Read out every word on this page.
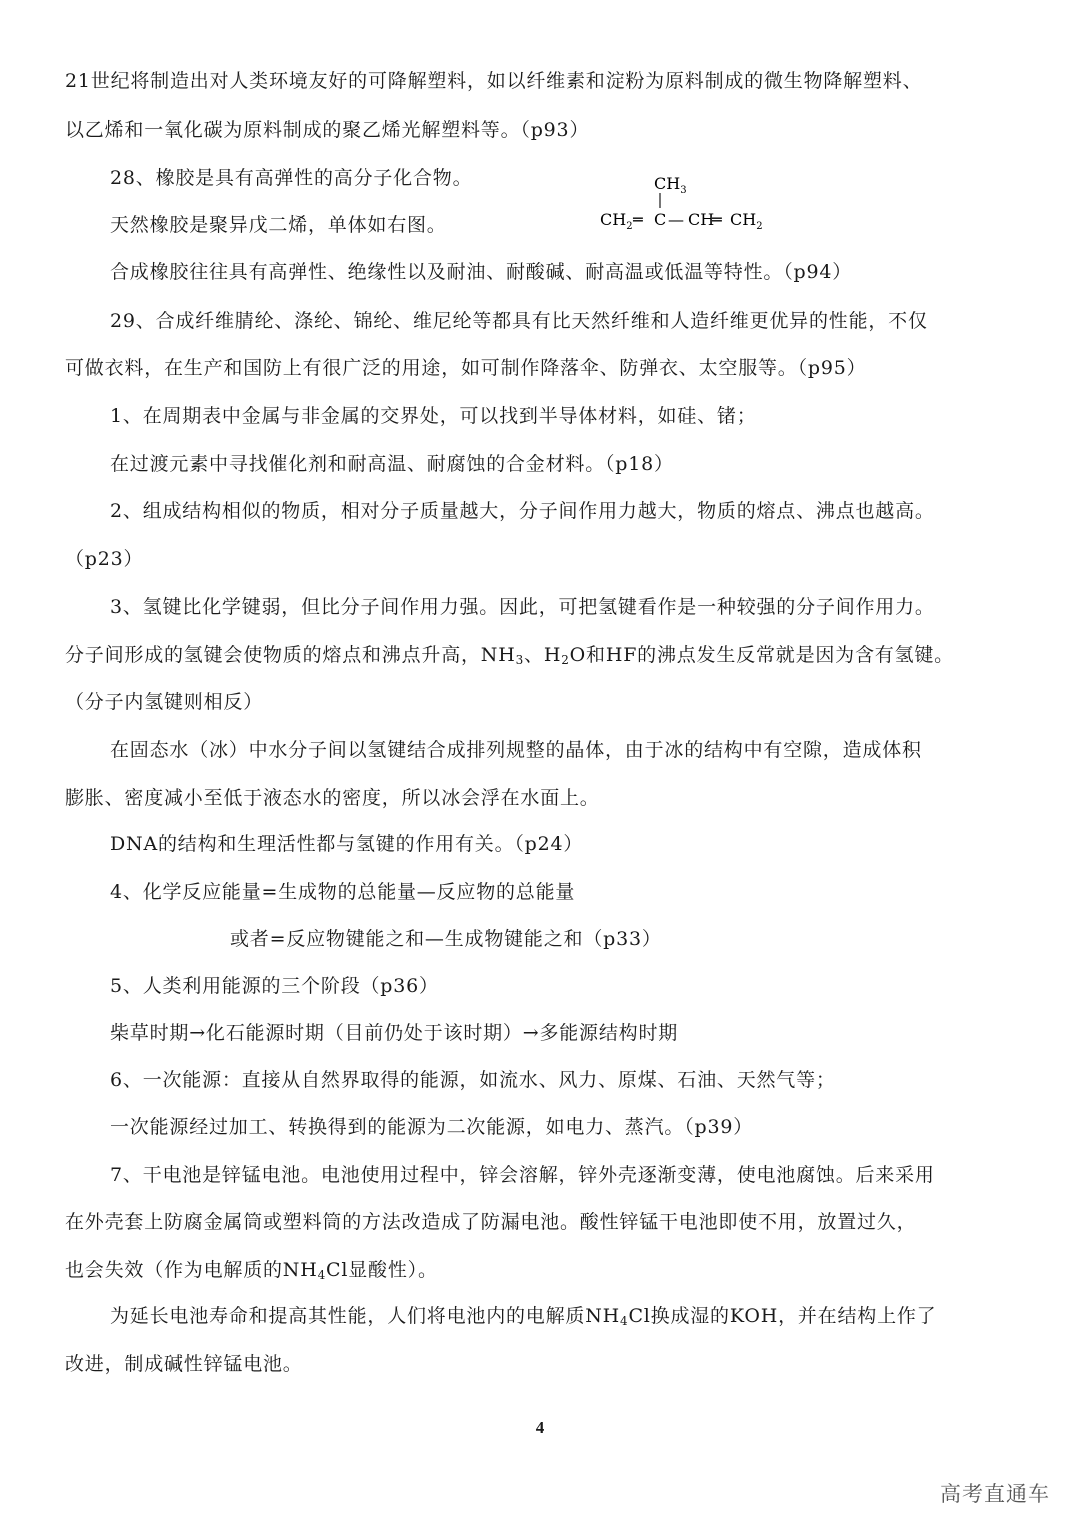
21世纪将制造出对人类环境友好的可降解塑料，如以纤维素和淀粉为原料制成的微生物降解塑料、
以乙烯和一氧化碳为原料制成的聚乙烯光解塑料等。（p93）
28、橡胶是具有高弹性的高分子化合物。
天然橡胶是聚异戊二烯，单体如右图。
$CH_3$
$CH_2$ ═ C — CH
═ $CH_2$
合成橡胶往往具有高弹性、绝缘性以及耐油、耐酸碱、耐高温或低温等特性。（p94）
29、合成纤维腈纶、涤纶、锦纶、维尼纶等都具有比天然纤维和人造纤维更优异的性能，不仅
可做衣料，在生产和国防上有很广泛的用途，如可制作降落伞、防弹衣、太空服等。（p95）
1、在周期表中金属与非金属的交界处，可以找到半导体材料，如硅、锗；
在过渡元素中寻找催化剂和耐高温、耐腐蚀的合金材料。（p18）
2、组成结构相似的物质，相对分子质量越大，分子间作用力越大，物质的熔点、沸点也越高。
（p23）
3、氢键比化学键弱，但比分子间作用力强。因此，可把氢键看作是一种较强的分子间作用力。
分子间形成的氢键会使物质的熔点和沸点升高，$NH_3$、$H_2O$和HF的沸点发生反常就是因为含有氢键。
（分子内氢键则相反）
在固态水（冰）中水分子间以氢键结合成排列规整的晶体，由于冰的结构中有空隙，造成体积
膨胀、密度减小至低于液态水的密度，所以冰会浮在水面上。
DNA的结构和生理活性都与氢键的作用有关。（p24）
4、化学反应能量=生成物的总能量—反应物的总能量
或者=反应物键能之和—生成物键能之和（p33）
5、人类利用能源的三个阶段（p36）
柴草时期→化石能源时期（目前仍处于该时期）→多能源结构时期
6、一次能源：直接从自然界取得的能源，如流水、风力、原煤、石油、天然气等；
一次能源经过加工、转换得到的能源为二次能源，如电力、蒸汽。（p39）
7、干电池是锌锰电池。电池使用过程中，锌会溶解，锌外壳逐渐变薄，使电池腐蚀。后来采用
在外壳套上防腐金属筒或塑料筒的方法改造成了防漏电池。酸性锌锰干电池即使不用，放置过久，
也会失效（作为电解质的$NH_4Cl$显酸性）。
为延长电池寿命和提高其性能，人们将电池内的电解质$NH_4Cl$换成湿的KOH，并在结构上作了
改进，制成碱性锌锰电池。
4
高考直通车
